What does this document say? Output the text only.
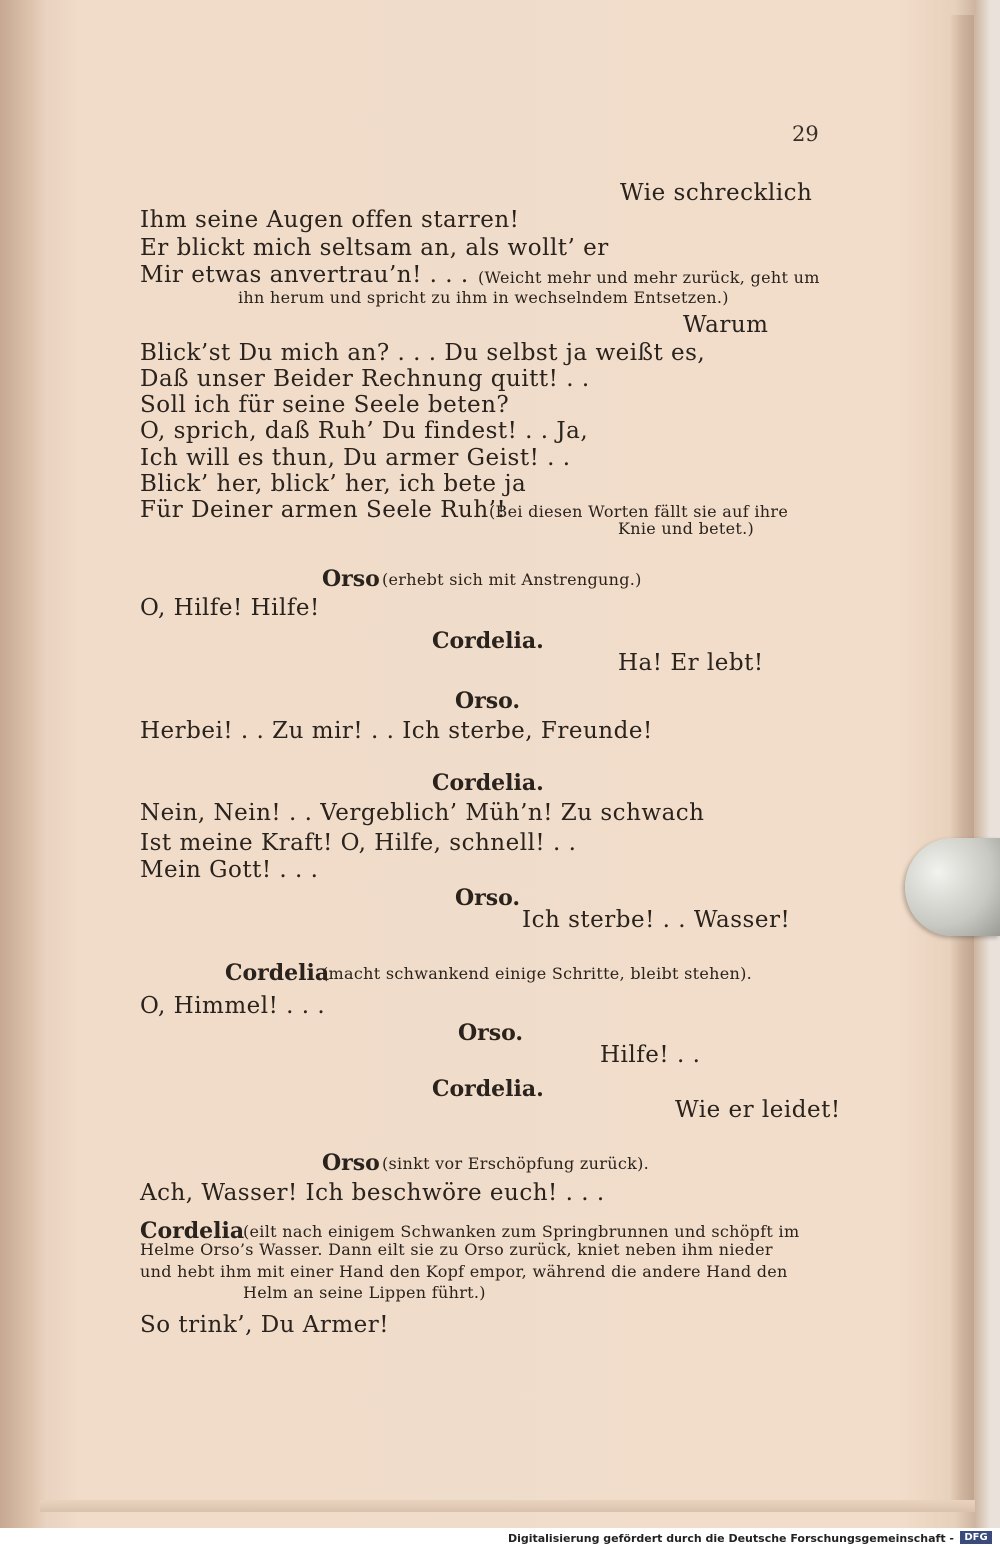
29
Wie schrecklich
Ihm seine Augen offen starren!
Er blickt mich seltsam an, als wollt’ er
Mir etwas anvertrau’n! . . . (Weicht mehr und mehr zurück, geht um
ihn herum und spricht zu ihm in wechselndem Entsetzen.)
Warum
Blick’st Du mich an? . . . Du selbst ja weißt es,
Daß unser Beider Rechnung quitt! . .
Soll ich für seine Seele beten?
O, sprich, daß Ruh’ Du findest! . . Ja,
Ich will es thun, Du armer Geist! . .
Blick’ her, blick’ her, ich bete ja
Für Deiner armen Seele Ruh’!
(Bei diesen Worten fällt sie auf ihre
Knie und betet.)
Orso (erhebt sich mit Anstrengung.)
O, Hilfe! Hilfe!
Cordelia.
Ha! Er lebt!
Orso.
Herbei! . . Zu mir! . . Ich sterbe, Freunde!
Cordelia.
Nein, Nein! . . Vergeblich’ Müh’n! Zu schwach
Ist meine Kraft! O, Hilfe, schnell! . .
Mein Gott! . . .
Orso.
Ich sterbe! . . Wasser!
Cordelia
(macht schwankend einige Schritte, bleibt stehen).
O, Himmel! . . .
Orso.
Hilfe! . .
Cordelia.
Wie er leidet!
Orso (sinkt vor Erschöpfung zurück).
Ach, Wasser! Ich beschwöre euch! . . .
Cordelia
(eilt nach einigem Schwanken zum Springbrunnen und schöpft im
Helme Orso’s Wasser. Dann eilt sie zu Orso zurück, kniet neben ihm nieder
und hebt ihm mit einer Hand den Kopf empor, während die andere Hand den
Helm an seine Lippen führt.)
So trink’, Du Armer!
Digitalisierung gefördert durch die Deutsche Forschungsgemeinschaft -	DFG
